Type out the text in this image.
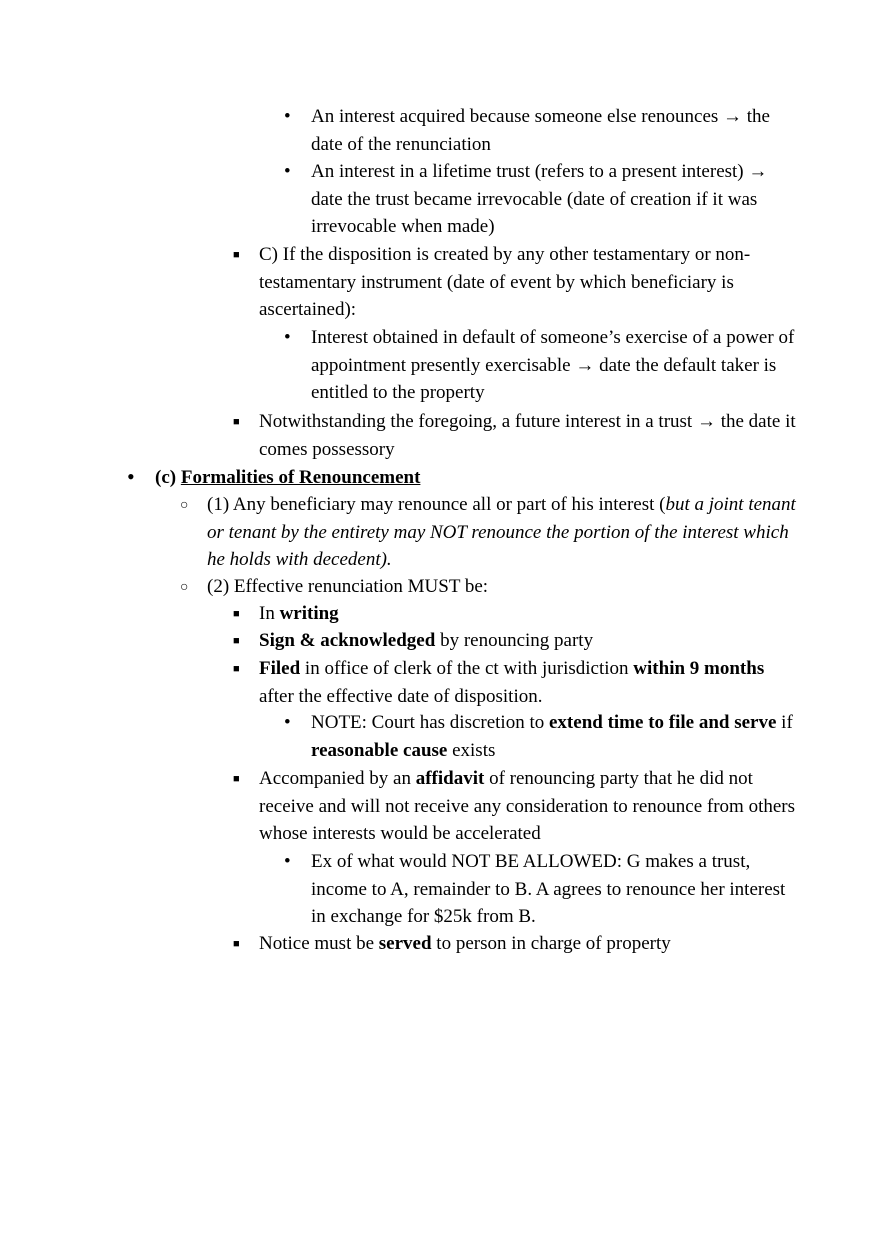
• An interest acquired because someone else renounces → the date of the renunciation
• An interest in a lifetime trust (refers to a present interest) → date the trust became irrevocable (date of creation if it was irrevocable when made)
■ C) If the disposition is created by any other testamentary or non-testamentary instrument (date of event by which beneficiary is ascertained):
• Interest obtained in default of someone’s exercise of a power of appointment presently exercisable → date the default taker is entitled to the property
■ Notwithstanding the foregoing, a future interest in a trust → the date it comes possessory
• (c) Formalities of Renouncement
○ (1) Any beneficiary may renounce all or part of his interest (but a joint tenant or tenant by the entirety may NOT renounce the portion of the interest which he holds with decedent).
○ (2) Effective renunciation MUST be:
■ In writing
■ Sign & acknowledged by renouncing party
■ Filed in office of clerk of the ct with jurisdiction within 9 months after the effective date of disposition.
• NOTE: Court has discretion to extend time to file and serve if reasonable cause exists
■ Accompanied by an affidavit of renouncing party that he did not receive and will not receive any consideration to renounce from others whose interests would be accelerated
• Ex of what would NOT BE ALLOWED: G makes a trust, income to A, remainder to B. A agrees to renounce her interest in exchange for $25k from B.
■ Notice must be served to person in charge of property
